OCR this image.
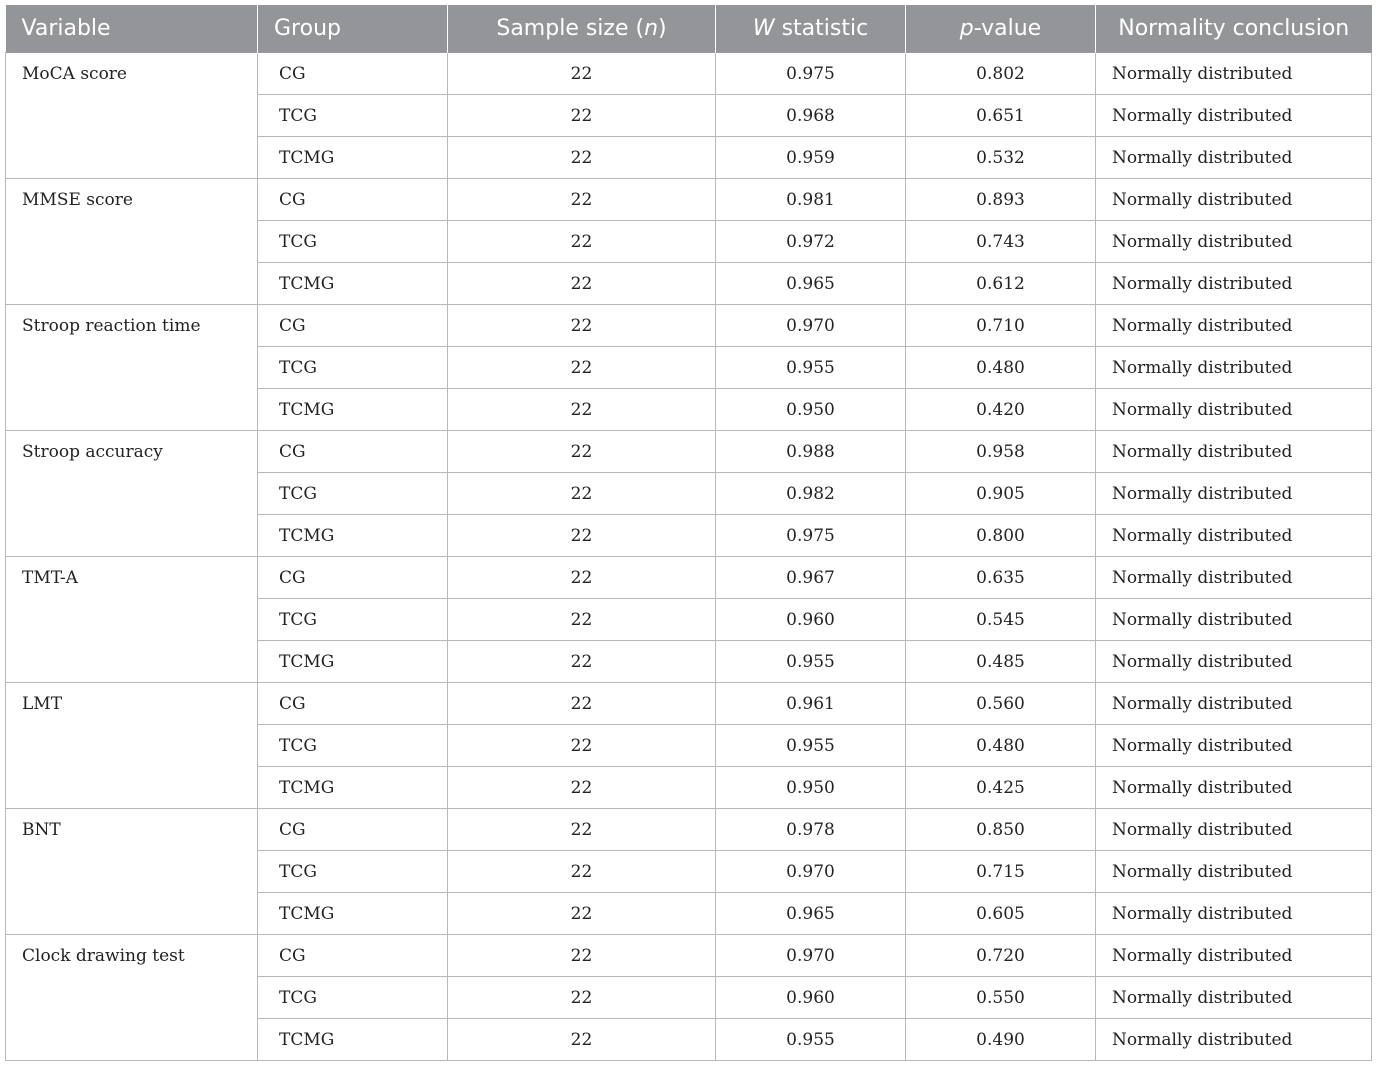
Variable	Group	Sample size (n)	W statistic	p-value	Normality conclusion
MoCA score	CG	22	0.975	0.802	Normally distributed
	TCG	22	0.968	0.651	Normally distributed
	TCMG	22	0.959	0.532	Normally distributed
MMSE score	CG	22	0.981	0.893	Normally distributed
	TCG	22	0.972	0.743	Normally distributed
	TCMG	22	0.965	0.612	Normally distributed
Stroop reaction time	CG	22	0.970	0.710	Normally distributed
	TCG	22	0.955	0.480	Normally distributed
	TCMG	22	0.950	0.420	Normally distributed
Stroop accuracy	CG	22	0.988	0.958	Normally distributed
	TCG	22	0.982	0.905	Normally distributed
	TCMG	22	0.975	0.800	Normally distributed
TMT-A	CG	22	0.967	0.635	Normally distributed
	TCG	22	0.960	0.545	Normally distributed
	TCMG	22	0.955	0.485	Normally distributed
LMT	CG	22	0.961	0.560	Normally distributed
	TCG	22	0.955	0.480	Normally distributed
	TCMG	22	0.950	0.425	Normally distributed
BNT	CG	22	0.978	0.850	Normally distributed
	TCG	22	0.970	0.715	Normally distributed
	TCMG	22	0.965	0.605	Normally distributed
Clock drawing test	CG	22	0.970	0.720	Normally distributed
	TCG	22	0.960	0.550	Normally distributed
	TCMG	22	0.955	0.490	Normally distributed
